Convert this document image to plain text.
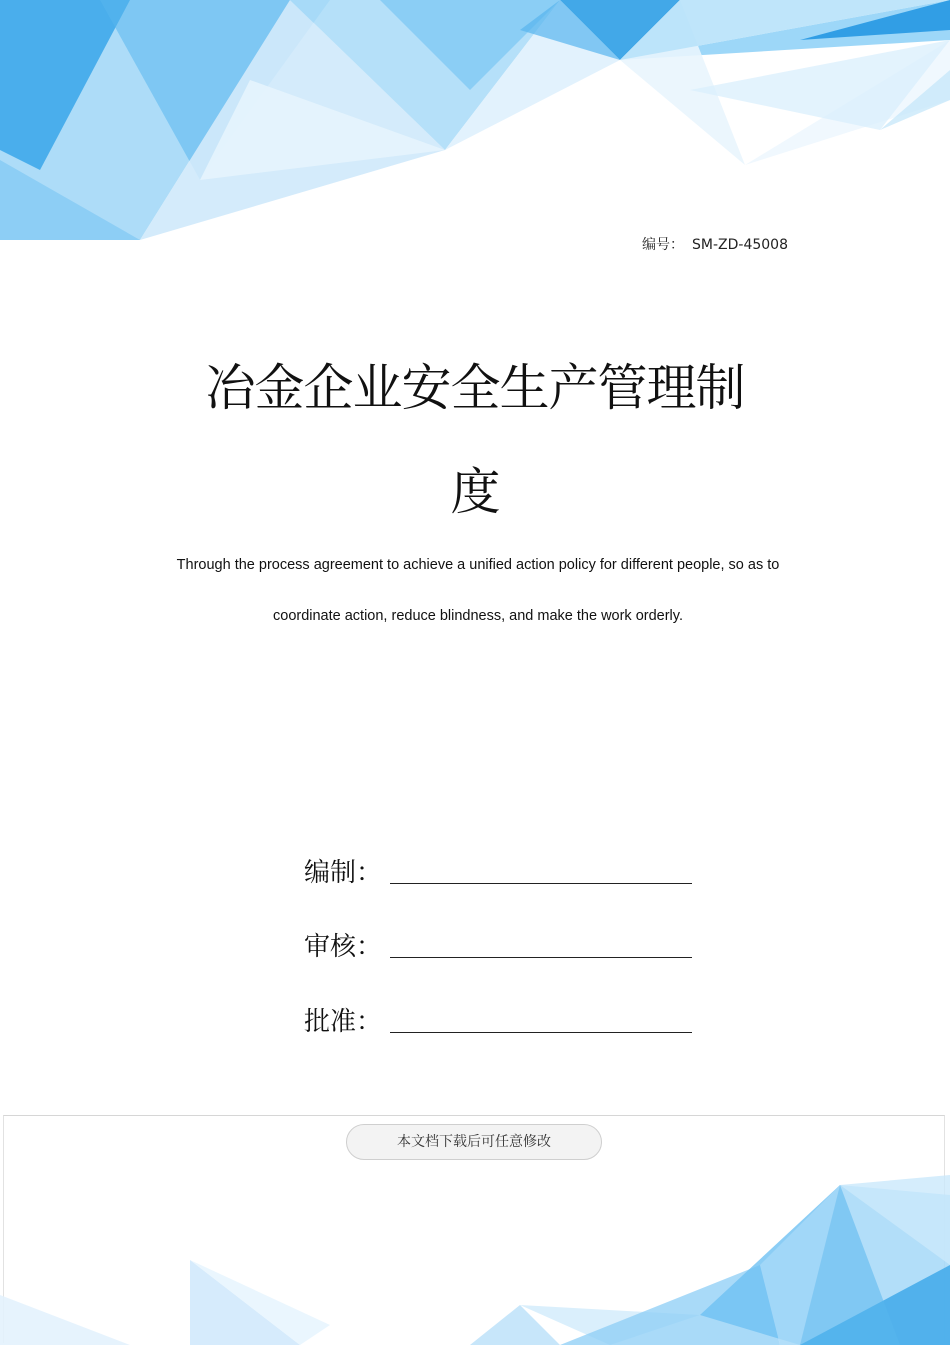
编号： SM-ZD-45008
冶金企业安全生产管理制
度
Through the process agreement to achieve a unified action policy for different people, so as to
coordinate action, reduce blindness, and make the work orderly.
编制：
审核：
批准：
本文档下载后可任意修改
